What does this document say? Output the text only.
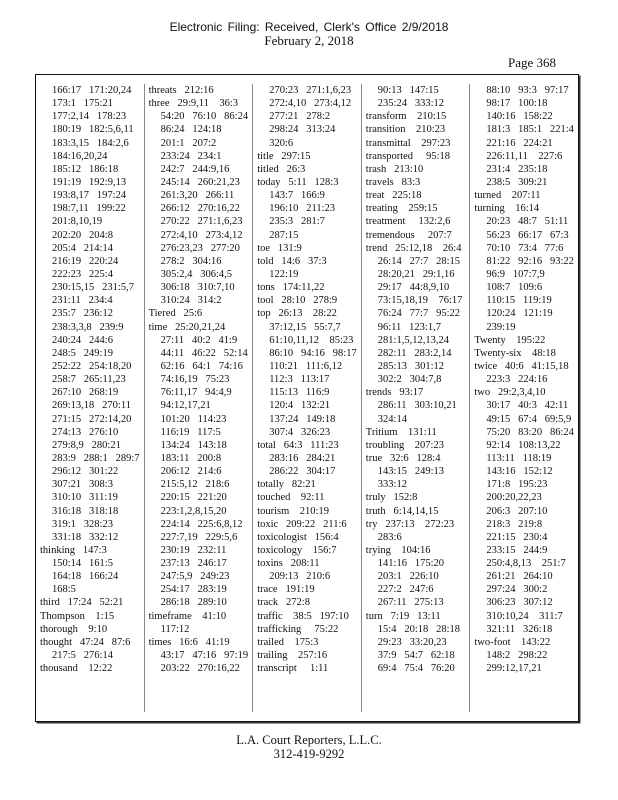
Electronic Filing: Received, Clerk's Office 2/9/2018
February 2, 2018
Page 368
166:17   171:20,24
173:1   175:21
177:2,14   178:23
180:19   182:5,6,11
183:3,15   184:2,6
184:16,20,24
185:12   186:18
191:19   192:9,13
193:8,17   197:24
198:7,11   199:22
201:8,10,19
202:20   204:8
205:4   214:14
216:19   220:24
222:23   225:4
230:15,15   231:5,7
231:11   234:4
235:7   236:12
238:3,3,8   239:9
240:24   244:6
248:5   249:19
252:22   254:18,20
258:7   265:11,23
267:10   268:19
269:13,18   270:11
271:15   272:14,20
274:13   276:10
279:8,9   280:21
283:9   288:1   289:7
296:12   301:22
307:21   308:3
310:10   311:19
316:18   318:18
319:1   328:23
331:18   332:12
thinking   147:3
150:14   161:5
164:18   166:24
168:5
third   17:24   52:21
Thompson    1:15
thorough    9:10
thought   47:24   87:6
217:5   276:14
thousand    12:22
threats   212:16
three   29:9,11    36:3
54:20   76:10   86:24
86:24   124:18
201:1   207:2
233:24   234:1
242:7   244:9,16
245:14   260:21,23
261:3,20   266:11
266:12   270:16,22
270:22   271:1,6,23
272:4,10   273:4,12
276:23,23   277:20
278:2   304:16
305:2,4   306:4,5
306:18   310:7,10
310:24   314:2
Tiered   25:6
time   25:20,21,24
27:11   40:2   41:9
44:11   46:22   52:14
62:16   64:1   74:16
74:16,19   75:23
76:11,17   94:4,9
94:12,17,21
101:20   114:23
116:19   117:5
134:24   143:18
183:11   200:8
206:12   214:6
215:5,12   218:6
220:15   221:20
223:1,2,8,15,20
224:14   225:6,8,12
227:7,19   229:5,6
230:19   232:11
237:13   246:17
247:5,9   249:23
254:17   283:19
286:18   289:10
timeframe    41:10
117:12
times   16:6   41:19
43:17   47:16   97:19
203:22   270:16,22
270:23   271:1,6,23
272:4,10   273:4,12
277:21   278:2
298:24   313:24
320:6
title   297:15
titled   26:3
today   5:11   128:3
143:7   166:9
196:10   211:23
235:3   281:7
287:15
toe   131:9
told   14:6   37:3
122:19
tons   174:11,22
tool   28:10   278:9
top   26:13    28:22
37:12,15   55:7,7
61:10,11,12    85:23
86:10   94:16   98:17
110:21   111:6,12
112:3   113:17
115:13   116:9
120:4   132:21
137:24   149:18
307:4   326:23
total   64:3   111:23
283:16   284:21
286:22   304:17
totally   82:21
touched    92:11
tourism    210:19
toxic   209:22   211:6
toxicologist   156:4
toxicology    156:7
toxins   208:11
209:13   210:6
trace   191:19
track   272:8
traffic    38:5   197:10
trafficking     75:22
trailed    175:3
trailing    257:16
transcript     1:11
90:13   147:15
235:24   333:12
transform    210:15
transition    210:23
transmittal    297:23
transported     95:18
trash   213:10
travels   83:3
treat   225:18
treating    259:15
treatment     132:2,6
tremendous     207:7
trend   25:12,18    26:4
26:14   27:7   28:15
28:20,21   29:1,16
29:17   44:8,9,10
73:15,18,19    76:17
76:24   77:7   95:22
96:11   123:1,7
281:1,5,12,13,24
282:11   283:2,14
285:13   301:12
302:2   304:7,8
trends   93:17
286:11   303:10,21
324:14
Tritium    131:11
troubling    207:23
true   32:6   128:4
143:15   249:13
333:12
truly   152:8
truth   6:14,14,15
try   237:13    272:23
283:6
trying    104:16
141:16   175:20
203:1   226:10
227:2   247:6
267:11   275:13
turn   7:19   13:11
15:4   20:18   28:18
29:23   33:20,23
37:9   54:7   62:18
69:4   75:4   76:20
88:10   93:3   97:17
98:17   100:18
140:16   158:22
181:3   185:1   221:4
221:16   224:21
226:11,11    227:6
231:4   235:18
238:5   309:21
turned    207:11
turning    16:14
20:23   48:7   51:11
56:23   66:17   67:3
70:10   73:4   77:6
81:22   92:16   93:22
96:9   107:7,9
108:7   109:6
110:15   119:19
120:24   121:19
239:19
Twenty    195:22
Twenty-six    48:18
twice   40:6   41:15,18
223:3   224:16
two   29:2,3,4,10
30:17   40:3   42:11
49:15   67:4   69:5,9
75:20   83:20   86:24
92:14   108:13,22
113:11   118:19
143:16   152:12
171:8   195:23
200:20,22,23
206:3   207:10
218:3   219:8
221:15   230:4
233:15   244:9
250:4,8,13    251:7
261:21   264:10
297:24   300:2
306:23   307:12
310:10,24    311:7
321:11   326:18
two-foot    143:22
148:2   298:22
299:12,17,21
L.A. Court Reporters, L.L.C.
312-419-9292
